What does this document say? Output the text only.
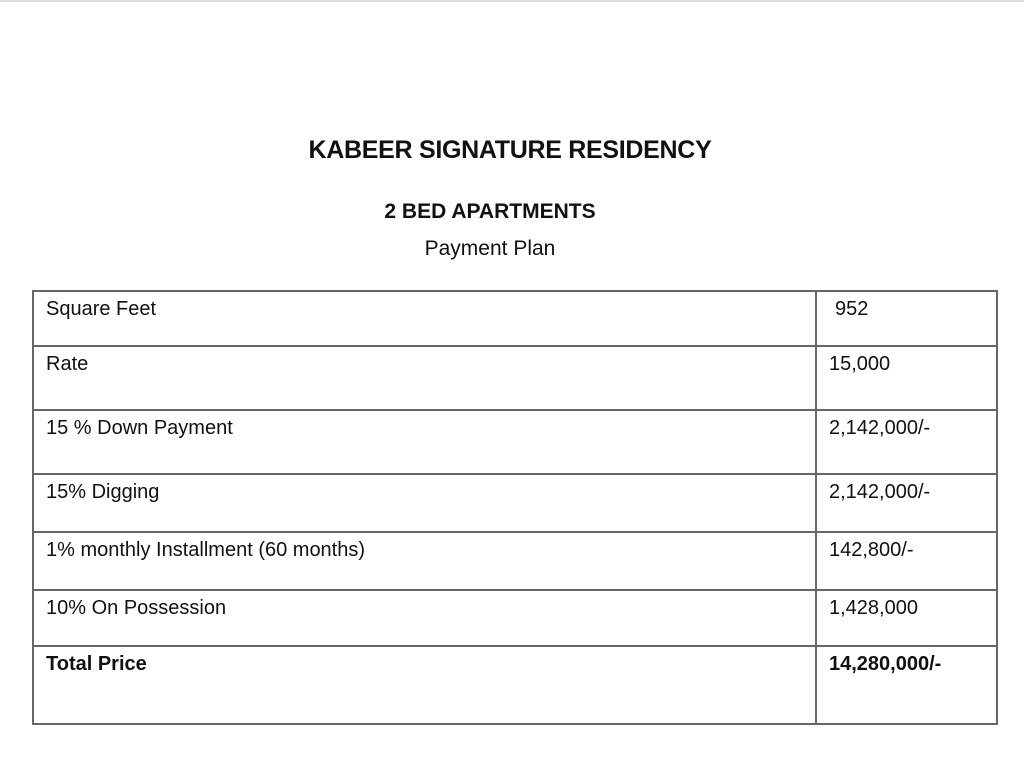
KABEER SIGNATURE RESIDENCY
2 BED APARTMENTS
Payment Plan
Square Feet	952
Rate	15,000
15 % Down Payment	2,142,000/-
15% Digging	2,142,000/-
1% monthly Installment (60 months)	142,800/-
10% On Possession	1,428,000
Total Price	14,280,000/-
